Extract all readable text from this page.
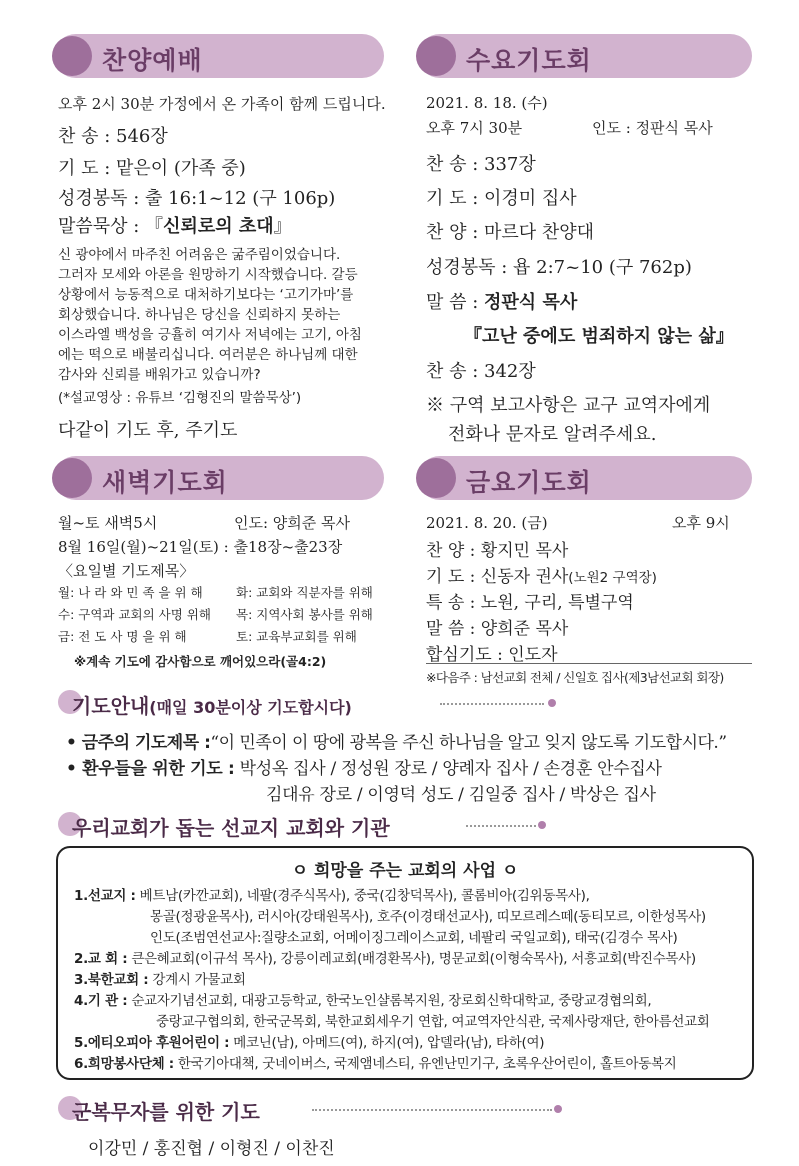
찬양예배
오후 2시 30분 가정에서 온 가족이 함께 드립니다.
찬 송 : 546장
기 도 : 맡은이 (가족 중)
성경봉독 : 출 16:1~12 (구 106p)
말씀묵상 : 『신뢰로의 초대』
신 광야에서 마주친 어려움은 굶주림이었습니다.
그러자 모세와 아론을 원망하기 시작했습니다. 갈등
상황에서 능동적으로 대처하기보다는 ‘고기가마’를
회상했습니다. 하나님은 당신을 신뢰하지 못하는
이스라엘 백성을 긍휼히 여기사 저녁에는 고기, 아침
에는 떡으로 배불리십니다. 여러분은 하나님께 대한
감사와 신뢰를 배워가고 있습니까?
(*설교영상 : 유튜브 ‘김형진의 말씀묵상’)
다같이 기도 후, 주기도
수요기도회
2021. 8. 18. (수)
오후 7시 30분	인도 : 정판식 목사
찬 송 : 337장
기 도 : 이경미 집사
찬 양 : 마르다 찬양대
성경봉독 : 욥 2:7~10 (구 762p)
말 씀 : 정판식 목사
『고난 중에도 범죄하지 않는 삶』
찬 송 : 342장
※ 구역 보고사항은 교구 교역자에게
전화나 문자로 알려주세요.
새벽기도회
월~토 새벽5시	인도: 양희준 목사
8월 16일(월)~21일(토) : 출18장~출23장
〈요일별 기도제목〉
월: 나 라 와 민 족 을 위 해	화: 교회와 직분자를 위해
수: 구역과 교회의 사명 위해 목: 지역사회 봉사를 위해
금: 전 도 사 명 을 위 해	토: 교육부교회를 위해
※계속 기도에 감사함으로 깨어있으라(골4:2)
금요기도회
2021. 8. 20. (금)	오후 9시
찬 양 : 황지민 목사
기 도 : 신동자 권사(노원2 구역장)
특 송 : 노원, 구리, 특별구역
말 씀 : 양희준 목사
합심기도 : 인도자
※다음주 : 남선교회 전체 / 신일호 집사(제3남선교회 회장)
기도안내(매일 30분이상 기도합시다)
• 금주의 기도제목 :“이 민족이 이 땅에 광복을 주신 하나님을 알고 잊지 않도록 기도합시다.”
• 환우들을 위한 기도 : 박성옥 집사 / 정성원 장로 / 양례자 집사 / 손경훈 안수집사
김대유 장로 / 이영덕 성도 / 김일중 집사 / 박상은 집사
우리교회가 돕는 선교지 교회와 기관
ㅇ 희망을 주는 교회의 사업 ㅇ
1.선교지 : 베트남(카깐교회), 네팔(경주식목사), 중국(김창덕목사), 콜롬비아(김위동목사),
몽골(정광윤목사), 러시아(강태원목사), 호주(이경태선교사), 띠모르레스떼(동티모르, 이한성목사)
인도(조범연선교사:질량소교회, 어메이징그레이스교회, 네팔리 국일교회), 태국(김경수 목사)
2.교 회 : 큰은혜교회(이규석 목사), 강릉이레교회(배경환목사), 명문교회(이형숙목사), 서흥교회(박진수목사)
3.북한교회 : 강계시 가물교회
4.기 관 : 순교자기념선교회, 대광고등학교, 한국노인샬롬복지원, 장로회신학대학교, 중랑교경협의회,
중랑교구협의회, 한국군목회, 북한교회세우기 연합, 여교역자안식관, 국제사랑재단, 한아름선교회
5.에티오피아 후원어린이 : 메코닌(남), 아메드(여), 하지(여), 압델라(남), 타하(여)
6.희망봉사단체 : 한국기아대책, 굿네이버스, 국제앰네스티, 유엔난민기구, 초록우산어린이, 홀트아동복지
군복무자를 위한 기도
이강민 / 홍진협 / 이형진 / 이찬진
